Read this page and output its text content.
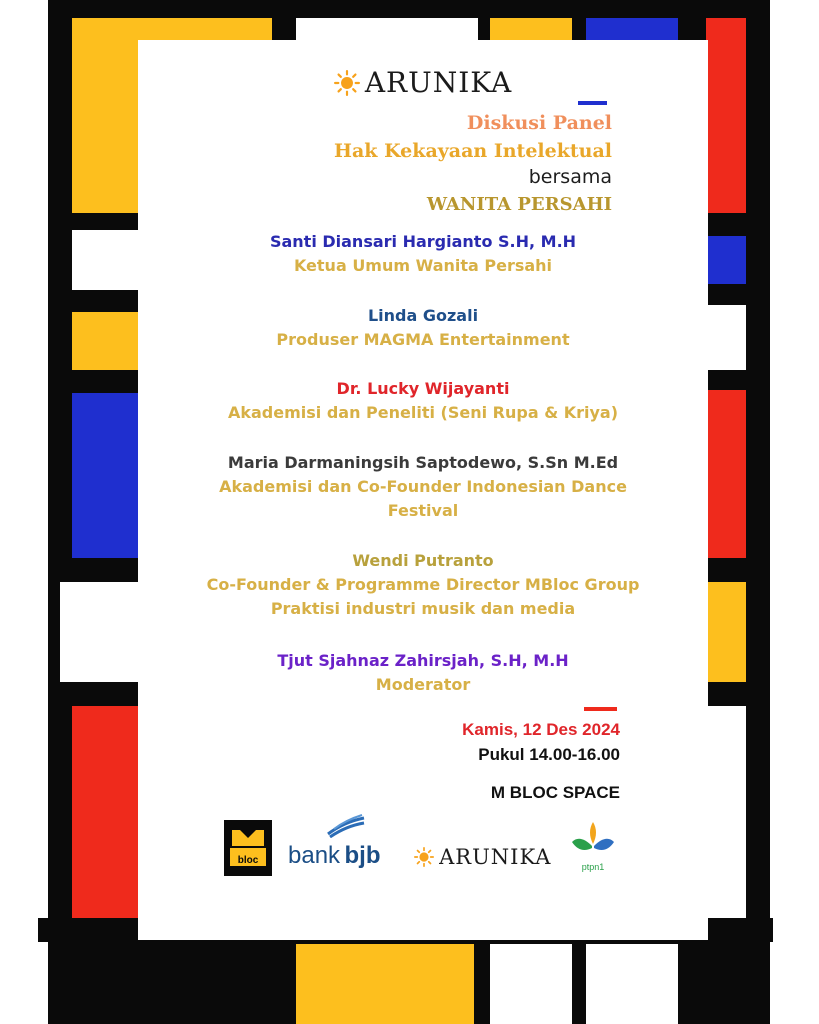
ARUNIKA
Diskusi Panel
Hak Kekayaan Intelektual
bersama
WANITA PERSAHI
Santi Diansari Hargianto S.H, M.H
Ketua Umum Wanita Persahi
Linda Gozali
Produser MAGMA Entertainment
Dr. Lucky Wijayanti
Akademisi dan Peneliti (Seni Rupa & Kriya)
Maria Darmaningsih Saptodewo, S.Sn M.Ed
Akademisi dan Co-Founder Indonesian Dance
Festival
Wendi Putranto
Co-Founder & Programme Director MBloc Group
Praktisi industri musik dan media
Tjut Sjahnaz Zahirsjah, S.H, M.H
Moderator
Kamis, 12 Des 2024
Pukul 14.00-16.00
M BLOC SPACE
bloc	bank bjb	ARUNIKA	ptpn1
